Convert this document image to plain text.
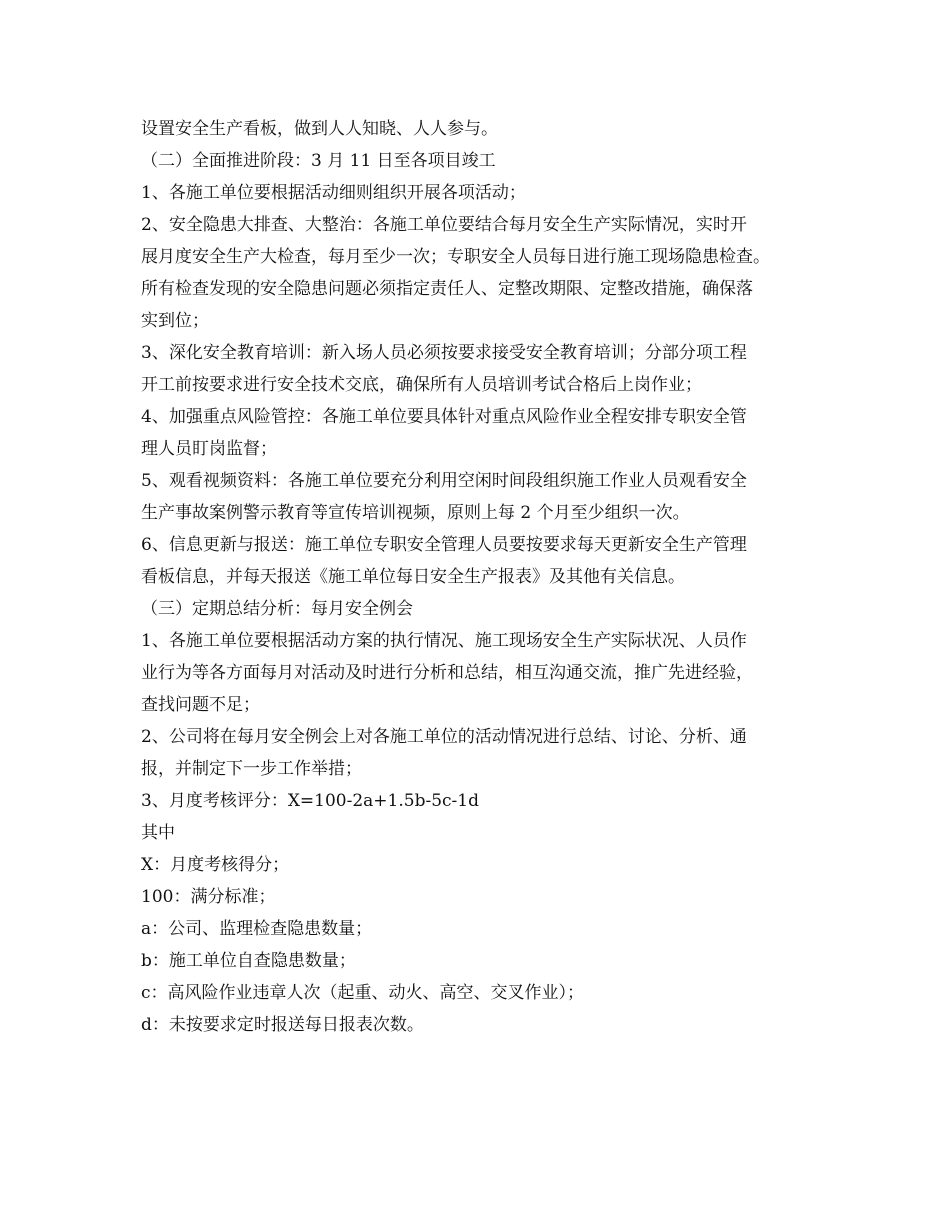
设置安全生产看板，做到人人知晓、人人参与。
（二）全面推进阶段：3 月 11 日至各项目竣工
1、各施工单位要根据活动细则组织开展各项活动；
2、安全隐患大排查、大整治：各施工单位要结合每月安全生产实际情况，实时开
展月度安全生产大检查，每月至少一次；专职安全人员每日进行施工现场隐患检查。
所有检查发现的安全隐患问题必须指定责任人、定整改期限、定整改措施，确保落
实到位；
3、深化安全教育培训：新入场人员必须按要求接受安全教育培训；分部分项工程
开工前按要求进行安全技术交底，确保所有人员培训考试合格后上岗作业；
4、加强重点风险管控：各施工单位要具体针对重点风险作业全程安排专职安全管
理人员盯岗监督；
5、观看视频资料：各施工单位要充分利用空闲时间段组织施工作业人员观看安全
生产事故案例警示教育等宣传培训视频，原则上每 2 个月至少组织一次。
6、信息更新与报送：施工单位专职安全管理人员要按要求每天更新安全生产管理
看板信息，并每天报送《施工单位每日安全生产报表》及其他有关信息。
（三）定期总结分析：每月安全例会
1、各施工单位要根据活动方案的执行情况、施工现场安全生产实际状况、人员作
业行为等各方面每月对活动及时进行分析和总结，相互沟通交流，推广先进经验，
查找问题不足；
2、公司将在每月安全例会上对各施工单位的活动情况进行总结、讨论、分析、通
报，并制定下一步工作举措；
3、月度考核评分：X=100-2a+1.5b-5c-1d
其中
X：月度考核得分；
100：满分标准；
a：公司、监理检查隐患数量；
b：施工单位自查隐患数量；
c：高风险作业违章人次（起重、动火、高空、交叉作业）；
d：未按要求定时报送每日报表次数。
